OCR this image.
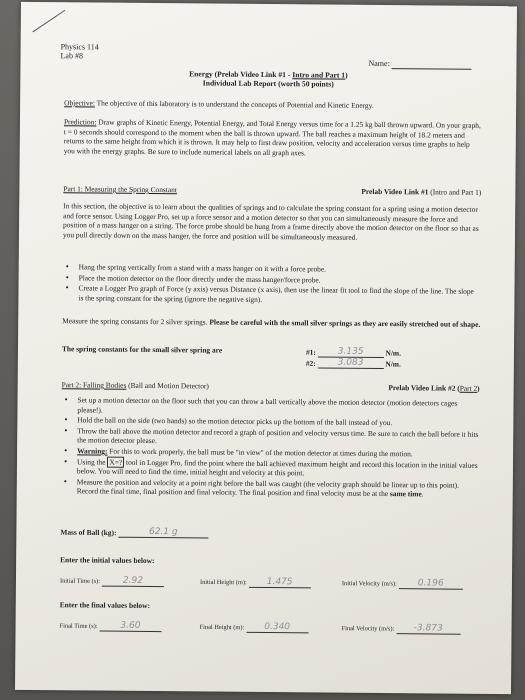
Physics 114
Lab #8
Name:
Energy (Prelab Video Link #1 - Intro and Part 1)
Individual Lab Report (worth 50 points)
Objective: The objective of this laboratory is to understand the concepts of Potential and Kinetic Energy.
Prediction: Draw graphs of Kinetic Energy, Potential Energy, and Total Energy versus time for a 1.25 kg ball thrown upward. On your graph, t = 0 seconds should correspond to the moment when the ball is thrown upward. The ball reaches a maximum height of 18.2 meters and returns to the same height from which it is thrown. It may help to first draw position, velocity and acceleration versus time graphs to help you with the energy graphs. Be sure to include numerical labels on all graph axes.
Part 1: Measuring the Spring Constant	Prelab Video Link #1 (Intro and Part 1)
In this section, the objective is to learn about the qualities of springs and to calculate the spring constant for a spring using a motion detector and force sensor. Using Logger Pro, set up a force sensor and a motion detector so that you can simultaneously measure the force and position of a mass hanger on a string. The force probe should be hung from a frame directly above the motion detector on the floor so that as you pull directly down on the mass hanger, the force and position will be simultaneously measured.
• Hang the spring vertically from a stand with a mass hanger on it with a force probe.
• Place the motion detector on the floor directly under the mass hanger/force probe.
• Create a Logger Pro graph of Force (y axis) versus Distance (x axis), then use the linear fit tool to find the slope of the line. The slope is the spring constant for the spring (ignore the negative sign).
Measure the spring constants for 2 silver springs. Please be careful with the small silver springs as they are easily stretched out of shape.
The spring constants for the small silver spring are	#1: 3.135	N/m.
#2: 3.083	N/m.
Part 2: Falling Bodies (Ball and Motion Detector)	Prelab Video Link #2 (Part 2)
• Set up a motion detector on the floor such that you can throw a ball vertically above the motion detector (motion detectors cages please!).
• Hold the ball on the side (two hands) so the motion detector picks up the bottom of the ball instead of you.
• Throw the ball above the motion detector and record a graph of position and velocity versus time. Be sure to catch the ball before it hits the motion detector please.
• Warning: For this to work properly, the ball must be "in view" of the motion detector at times during the motion.
• Using the X=? tool in Logger Pro, find the point where the ball achieved maximum height and record this location in the initial values below. You will need to find the time, initial height and velocity at this point.
• Measure the position and velocity at a point right before the ball was caught (the velocity graph should be linear up to this point). Record the final time, final position and final velocity. The final position and final velocity must be at the same time.
Mass of Ball (kg):	62.1 g
Enter the initial values below:
Initial Time (s):	2.92	Initial Height (m): 1.475	Initial Velocity (m/s): 0.196
Enter the final values below:
Final Time (s):	3.60	Final Height (m): 0.340	Final Velocity (m/s): -3.873
